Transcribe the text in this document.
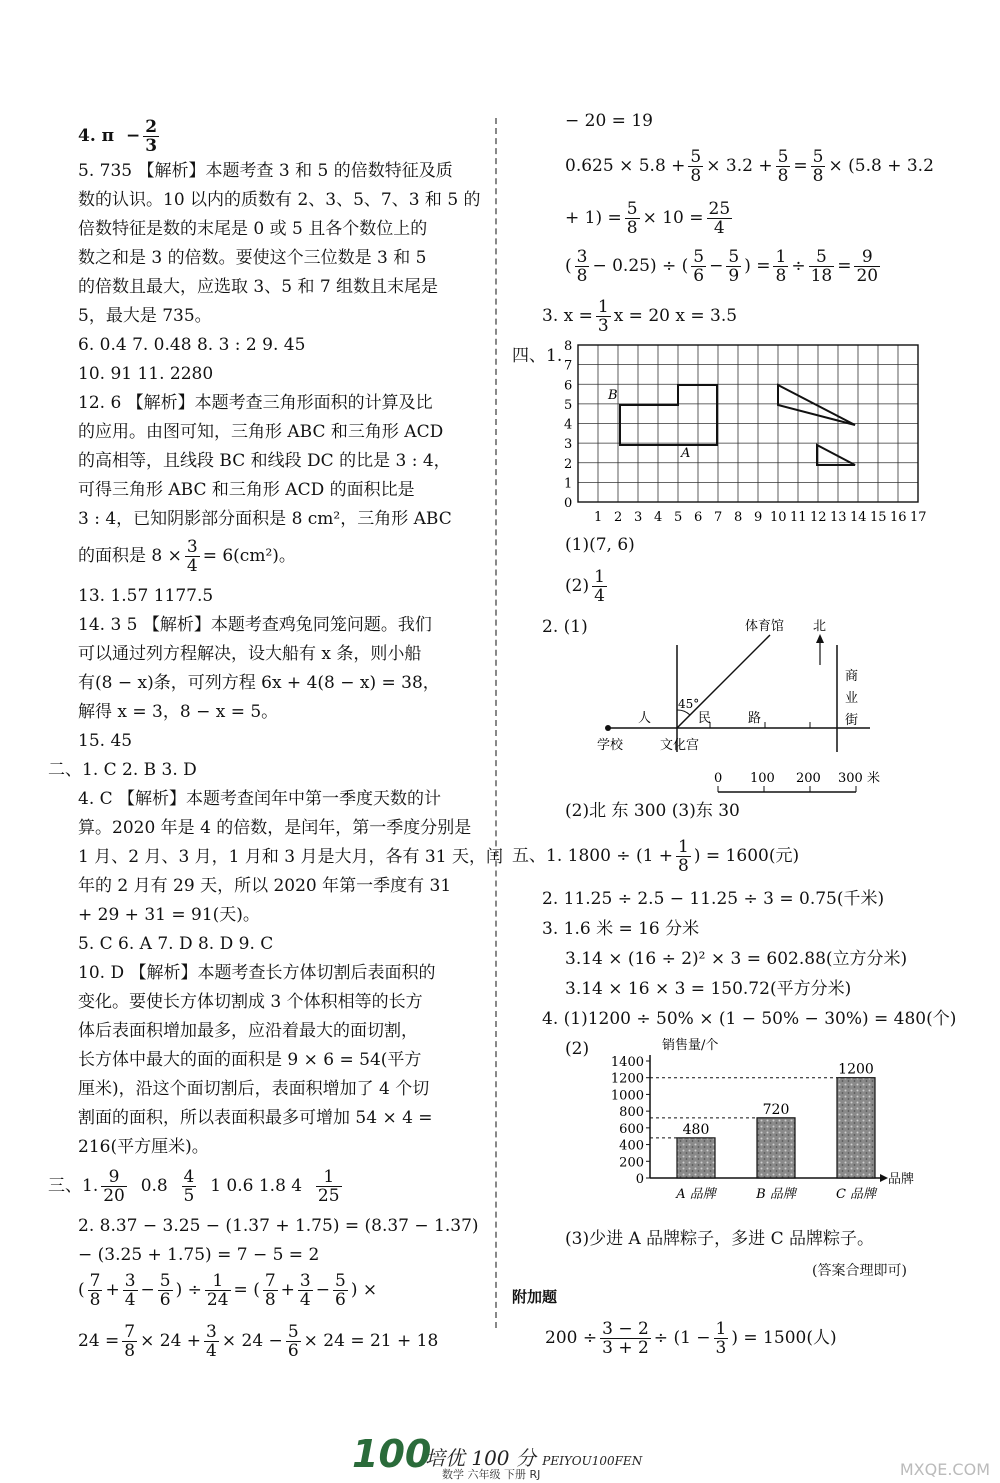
4. $\pi - \frac{2}{3}$
5. 735 【解析】本题考查 3 和 5 的倍数特征及质
数的认识。10 以内的质数有 2、3、5、7、3 和 5 的
倍数特征是数的末尾是 0 或 5 且各个数位上的
数之和是 3 的倍数。要使这个三位数是 3 和 5
的倍数且最大，应选取 3、5 和 7 组数且末尾是
5，最大是 735。
6. 0.4 7. 0.48 8. 3 : 2 9. 45
10. 91 11. 2280
12. 6 【解析】本题考查三角形面积的计算及比
的应用。由图可知，三角形 ABC 和三角形 ACD
的高相等，且线段 BC 和线段 DC 的比是 3 : 4，
可得三角形 ABC 和三角形 ACD 的面积比是
3 : 4，已知阴影部分面积是 8 cm²，三角形 ABC
的面积是 $8 \times \frac{3}{4} = 6(cm^2)$。
13. 1.57 1177.5
14. 3 5 【解析】本题考查鸡兔同笼问题。我们
可以通过列方程解决，设大船有 x 条，则小船
有(8 − x)条，可列方程 6x + 4(8 − x) = 38，
解得 x = 3，8 − x = 5。
15. 45
二、1. C 2. B 3. D
4. C 【解析】本题考查闰年中第一季度天数的计
算。2020 年是 4 的倍数，是闰年，第一季度分别是
1 月、2 月、3 月，1 月和 3 月是大月，各有 31 天，闰
年的 2 月有 29 天，所以 2020 年第一季度有 31
+ 29 + 31 = 91(天)。
5. C 6. A 7. D 8. D 9. C
10. D 【解析】本题考查长方体切割后表面积的
变化。要使长方体切割成 3 个体积相等的长方
体后表面积增加最多，应沿着最大的面切割，
长方体中最大的面的面积是 9 × 6 = 54(平方
厘米)，沿这个面切割后，表面积增加了 4 个切
割面的面积，所以表面积最多可增加 54 × 4 =
216(平方厘米)。
三、1. $\frac{9}{20} 0.8 \frac{4}{5} 1$ 0.6 1.8 $4 \frac{1}{25}$
2. 8.37 − 3.25 − (1.37 + 1.75) = (8.37 − 1.37)
− (3.25 + 1.75) = 7 − 5 = 2
( $\frac{7}{8} + \frac{3}{4} - \frac{5}{6}$ ) ÷ $\frac{1}{24}$ = ( $\frac{7}{8} + \frac{3}{4} - \frac{5}{6}$ ) ×
$24 = \frac{7}{8} \times 24 + \frac{3}{4} \times 24 - \frac{5}{6} \times 24 = 21 + 18$
− 20 = 19
$0.625 \times 5.8 + \frac{5}{8} \times 3.2 + \frac{5}{8} = \frac{5}{8} \times (5.8 + 3.2$
+ $1) = \frac{5}{8} \times 10 = \frac{25}{4}$
( $\frac{3}{8} - 0.25$) ÷ ( $\frac{5}{6} - \frac{5}{9}$ ) = $\frac{1}{8} \div \frac{5}{18} = \frac{9}{20}$
3. $x = \frac{1}{3}$ x = 20 x = 3.5
四、1.
B
A
8
7
6
5
4
3
2
1
0
1 2 3 4 5 6 7 8 9 10 11 12 13 14 15 16 17
(1)(7, 6)
$(2) \frac{1}{4}$
2. (1)	体育馆 北
商
业
街
人	民	路
45°
学校	文化宫
0 100 200 300 米
(2)北 东 300 (3)东 30
五、1. $1800 \div (1 + \frac{1}{8}$ ) = 1600(元)
2. 11.25 ÷ 2.5 − 11.25 ÷ 3 = 0.75(千米)
3. 1.6 米 = 16 分米
3.14 × (16 ÷ 2)² × 3 = 602.88(立方分米)
3.14 × 16 × 3 = 150.72(平方分米)
4. (1)1200 ÷ 50% × (1 − 50% − 30%) = 480(个)
(2)	销售量/个
品牌
0
200
400
600
800
1000
1200
1400
480
A 品牌
720
B 品牌
1200
C 品牌
(3)少进 A 品牌粽子，多进 C 品牌粽子。
(答案合理即可)
附加题
$200 \div \frac{3 - 2}{3 + 2} \div (1 - \frac{1}{3}$ ) = 1500(人)
100
培优 100 分 PEIYOU100FEN
数学 六年级 下册 RJ	MXQE.COM
